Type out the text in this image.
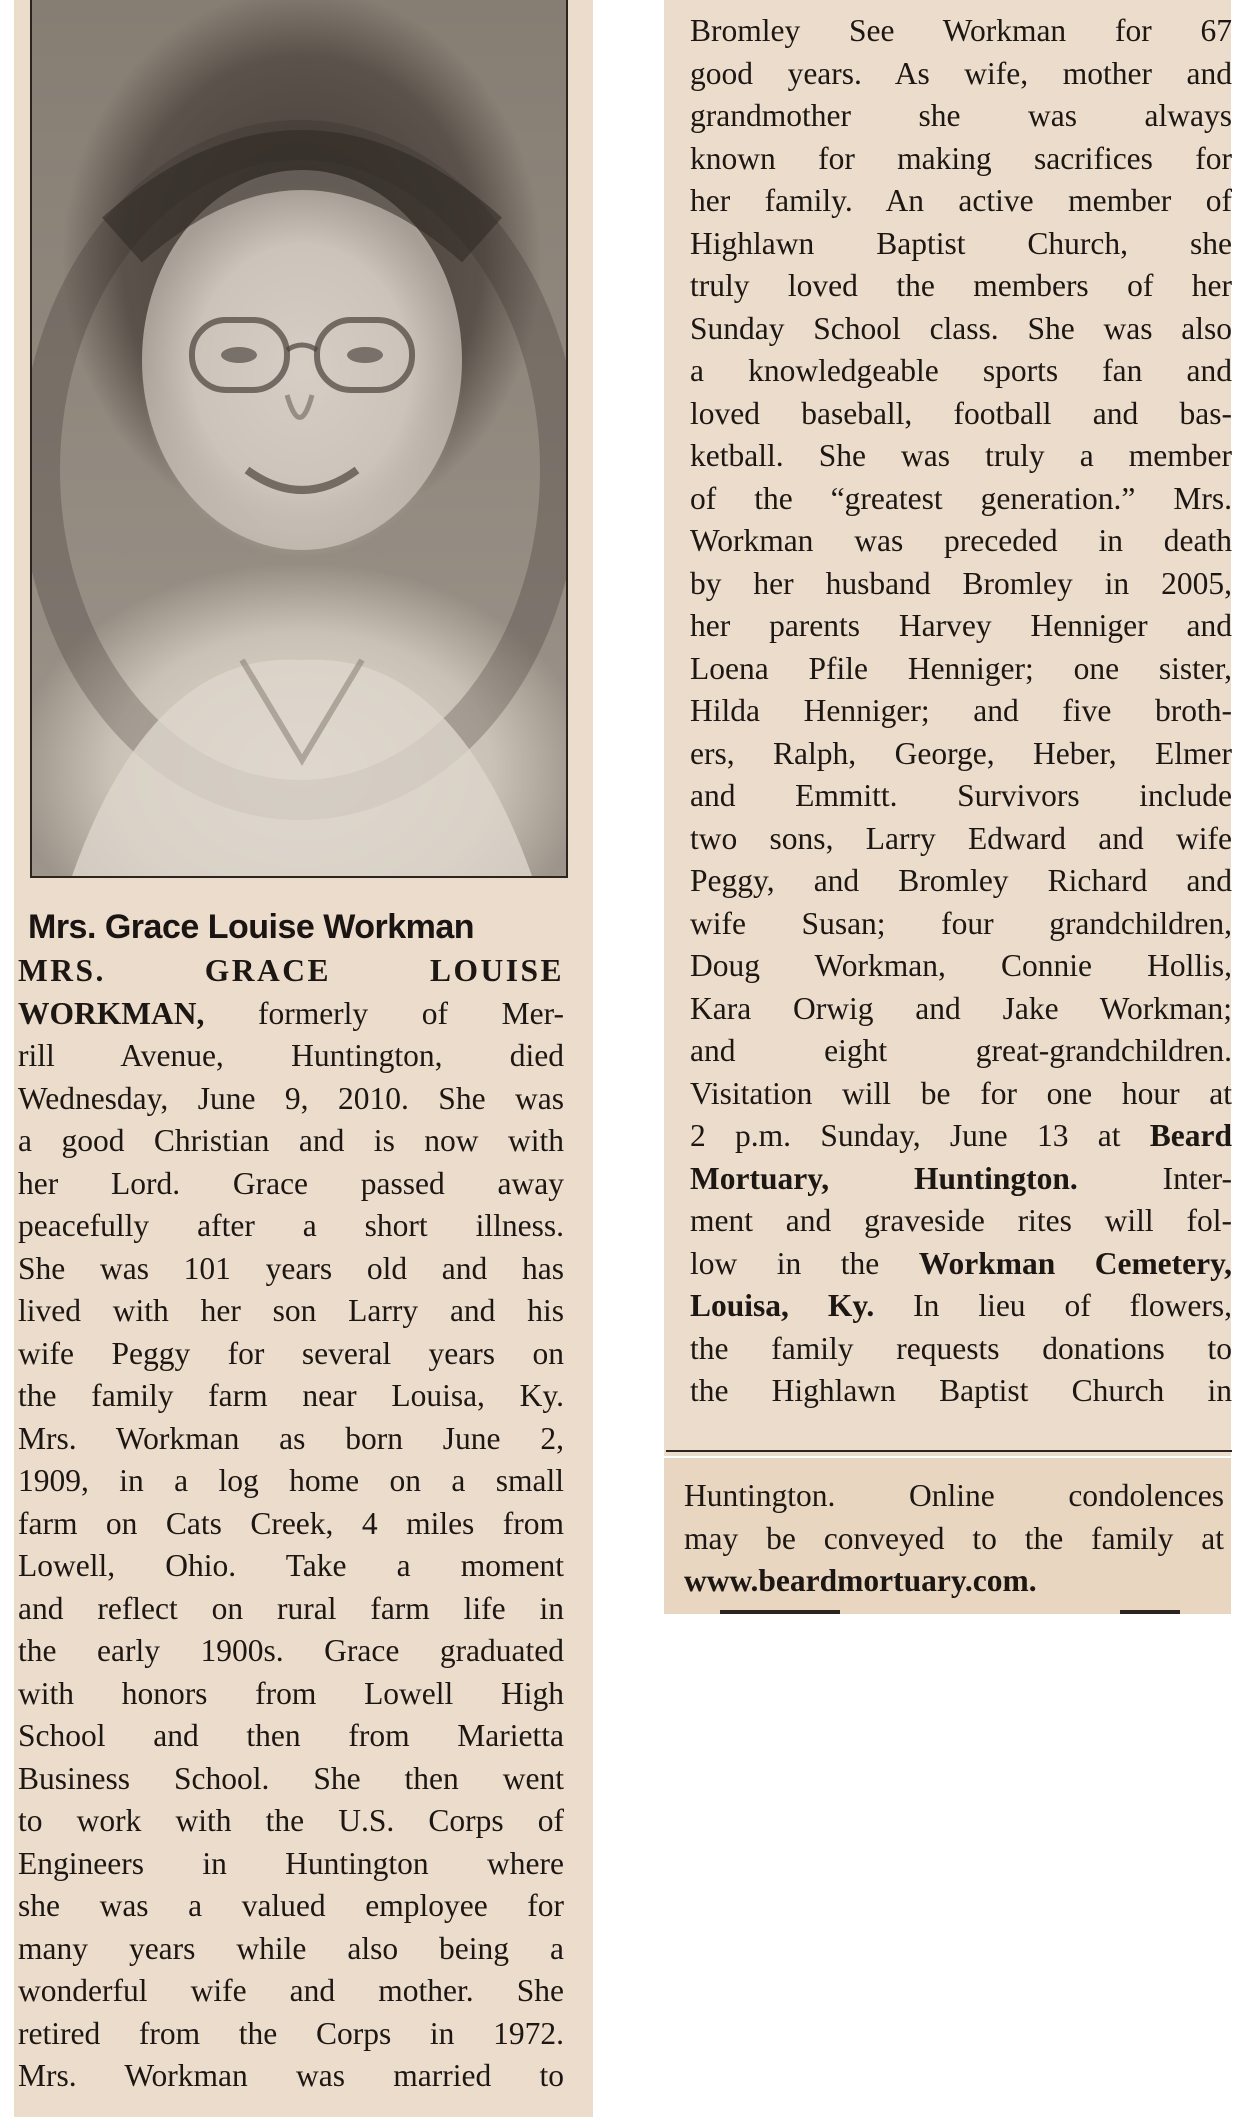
Mrs. Grace Louise Workman
MRS. GRACE LOUISE
WORKMAN, formerly of Mer-
rill Avenue, Huntington, died
Wednesday, June 9, 2010. She was
a good Christian and is now with
her Lord. Grace passed away
peacefully after a short illness.
She was 101 years old and has
lived with her son Larry and his
wife Peggy for several years on
the family farm near Louisa, Ky.
Mrs. Workman as born June 2,
1909, in a log home on a small
farm on Cats Creek, 4 miles from
Lowell, Ohio. Take a moment
and reflect on rural farm life in
the early 1900s. Grace graduated
with honors from Lowell High
School and then from Marietta
Business School. She then went
to work with the U.S. Corps of
Engineers in Huntington where
she was a valued employee for
many years while also being a
wonderful wife and mother. She
retired from the Corps in 1972.
Mrs. Workman was married to
Bromley See Workman for 67
good years. As wife, mother and
grandmother she was always
known for making sacrifices for
her family. An active member of
Highlawn Baptist Church, she
truly loved the members of her
Sunday School class. She was also
a knowledgeable sports fan and
loved baseball, football and bas-
ketball. She was truly a member
of the “greatest generation.” Mrs.
Workman was preceded in death
by her husband Bromley in 2005,
her parents Harvey Henniger and
Loena Pfile Henniger; one sister,
Hilda Henniger; and five broth-
ers, Ralph, George, Heber, Elmer
and Emmitt. Survivors include
two sons, Larry Edward and wife
Peggy, and Bromley Richard and
wife Susan; four grandchildren,
Doug Workman, Connie Hollis,
Kara Orwig and Jake Workman;
and eight great-grandchildren.
Visitation will be for one hour at
2 p.m. Sunday, June 13 at Beard
Mortuary, Huntington. Inter-
ment and graveside rites will fol-
low in the Workman Cemetery,
Louisa, Ky. In lieu of flowers,
the family requests donations to
the Highlawn Baptist Church in
Huntington. Online condolences
may be conveyed to the family at
www.beardmortuary.com.
